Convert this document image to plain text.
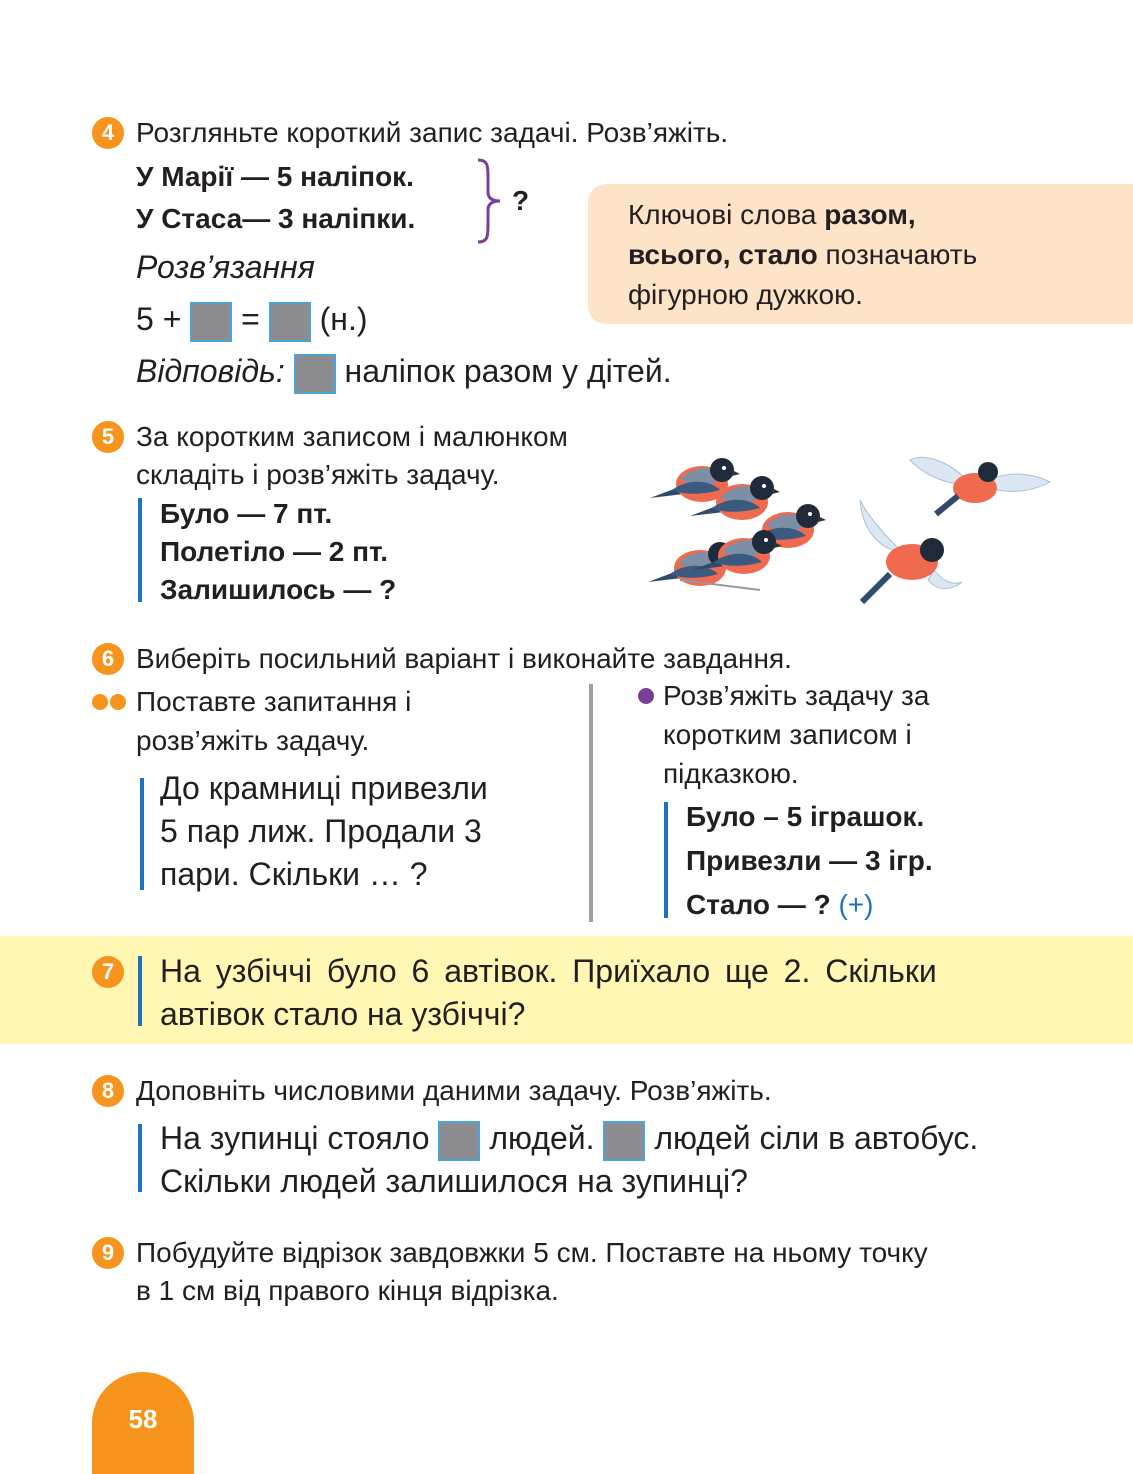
4 Розгляньте короткий запис задачі. Розв’яжіть.
У Марії — 5 наліпок.
У Стаса— 3 наліпки.
?
Розв’язання
5 + = (н.)
Відповідь: наліпок разом у дітей.
Ключові слова разом,
всього, стало позначають
фігурною дужкою.
5 За коротким записом і малюнком
складіть і розв’яжіть задачу.
Було — 7 пт.
Полетіло — 2 пт.
Залишилось — ?
6 Виберіть посильний варіант і виконайте завдання.
Поставте запитання і
розв’яжіть задачу.
До крамниці привезли
5 пар лиж. Продали 3
пари. Скільки … ?
Розв’яжіть задачу за
коротким записом і
підказкою.
Було – 5 іграшок.
Привезли — 3 ігр.
Стало — ? (+)
7	На узбіччі було 6 автівок. Приїхало ще 2. Скільки
автівок стало на узбіччі?
8 Доповніть числовими даними задачу. Розв’яжіть.
На зупинці стояло людей. людей сіли в автобус.
Скільки людей залишилося на зупинці?
9 Побудуйте відрізок завдовжки 5 см. Поставте на ньому точку
в 1 см від правого кінця відрізка.
58
